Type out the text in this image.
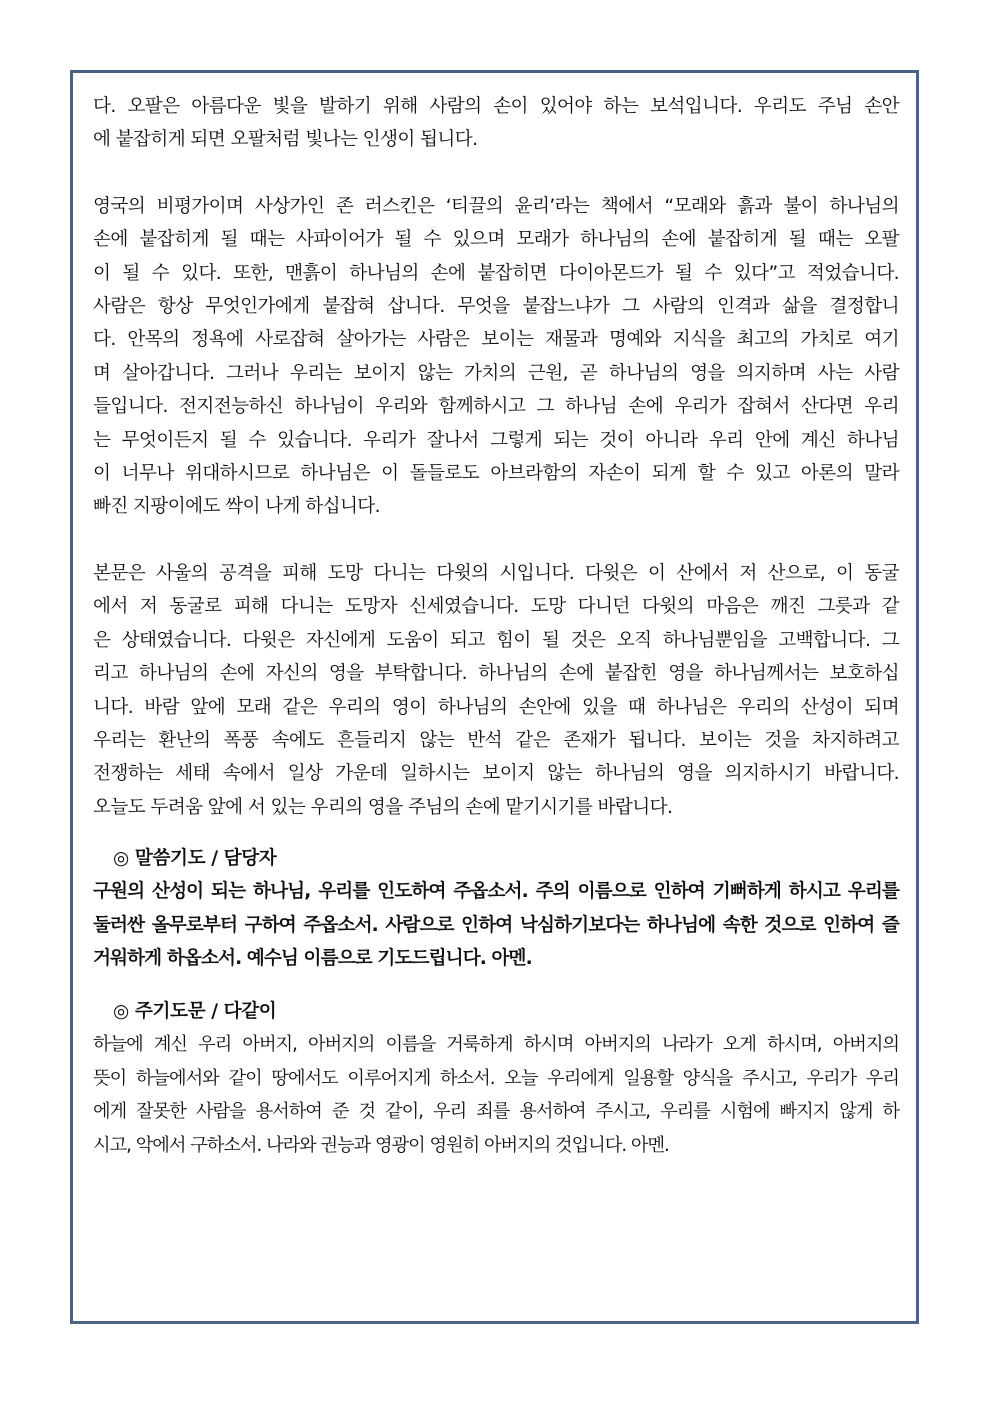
다. 오팔은 아름다운 빛을 발하기 위해 사람의 손이 있어야 하는 보석입니다. 우리도 주님 손안
에 붙잡히게 되면 오팔처럼 빛나는 인생이 됩니다.

영국의 비평가이며 사상가인 존 러스킨은 ‘티끌의 윤리’라는 책에서 “모래와 흙과 불이 하나님의
손에 붙잡히게 될 때는 사파이어가 될 수 있으며 모래가 하나님의 손에 붙잡히게 될 때는 오팔
이 될 수 있다. 또한, 맨흙이 하나님의 손에 붙잡히면 다이아몬드가 될 수 있다”고 적었습니다.
사람은 항상 무엇인가에게 붙잡혀 삽니다. 무엇을 붙잡느냐가 그 사람의 인격과 삶을 결정합니
다. 안목의 정욕에 사로잡혀 살아가는 사람은 보이는 재물과 명예와 지식을 최고의 가치로 여기
며 살아갑니다. 그러나 우리는 보이지 않는 가치의 근원, 곧 하나님의 영을 의지하며 사는 사람
들입니다. 전지전능하신 하나님이 우리와 함께하시고 그 하나님 손에 우리가 잡혀서 산다면 우리
는 무엇이든지 될 수 있습니다. 우리가 잘나서 그렇게 되는 것이 아니라 우리 안에 계신 하나님
이 너무나 위대하시므로 하나님은 이 돌들로도 아브라함의 자손이 되게 할 수 있고 아론의 말라
빠진 지팡이에도 싹이 나게 하십니다.

본문은 사울의 공격을 피해 도망 다니는 다윗의 시입니다. 다윗은 이 산에서 저 산으로, 이 동굴
에서 저 동굴로 피해 다니는 도망자 신세였습니다. 도망 다니던 다윗의 마음은 깨진 그릇과 같
은 상태였습니다. 다윗은 자신에게 도움이 되고 힘이 될 것은 오직 하나님뿐임을 고백합니다. 그
리고 하나님의 손에 자신의 영을 부탁합니다. 하나님의 손에 붙잡힌 영을 하나님께서는 보호하십
니다. 바람 앞에 모래 같은 우리의 영이 하나님의 손안에 있을 때 하나님은 우리의 산성이 되며
우리는 환난의 폭풍 속에도 흔들리지 않는 반석 같은 존재가 됩니다. 보이는 것을 차지하려고
전쟁하는 세태 속에서 일상 가운데 일하시는 보이지 않는 하나님의 영을 의지하시기 바랍니다.
오늘도 두려움 앞에 서 있는 우리의 영을 주님의 손에 맡기시기를 바랍니다.

◎ 말씀기도 / 담당자

구원의 산성이 되는 하나님, 우리를 인도하여 주옵소서. 주의 이름으로 인하여 기뻐하게 하시고 우리를
둘러싼 올무로부터 구하여 주옵소서. 사람으로 인하여 낙심하기보다는 하나님에 속한 것으로 인하여 즐
거워하게 하옵소서. 예수님 이름으로 기도드립니다. 아멘.

◎ 주기도문 / 다같이

하늘에 계신 우리 아버지, 아버지의 이름을 거룩하게 하시며 아버지의 나라가 오게 하시며, 아버지의
뜻이 하늘에서와 같이 땅에서도 이루어지게 하소서. 오늘 우리에게 일용할 양식을 주시고, 우리가 우리
에게 잘못한 사람을 용서하여 준 것 같이, 우리 죄를 용서하여 주시고, 우리를 시험에 빠지지 않게 하
시고, 악에서 구하소서. 나라와 권능과 영광이 영원히 아버지의 것입니다. 아멘.
